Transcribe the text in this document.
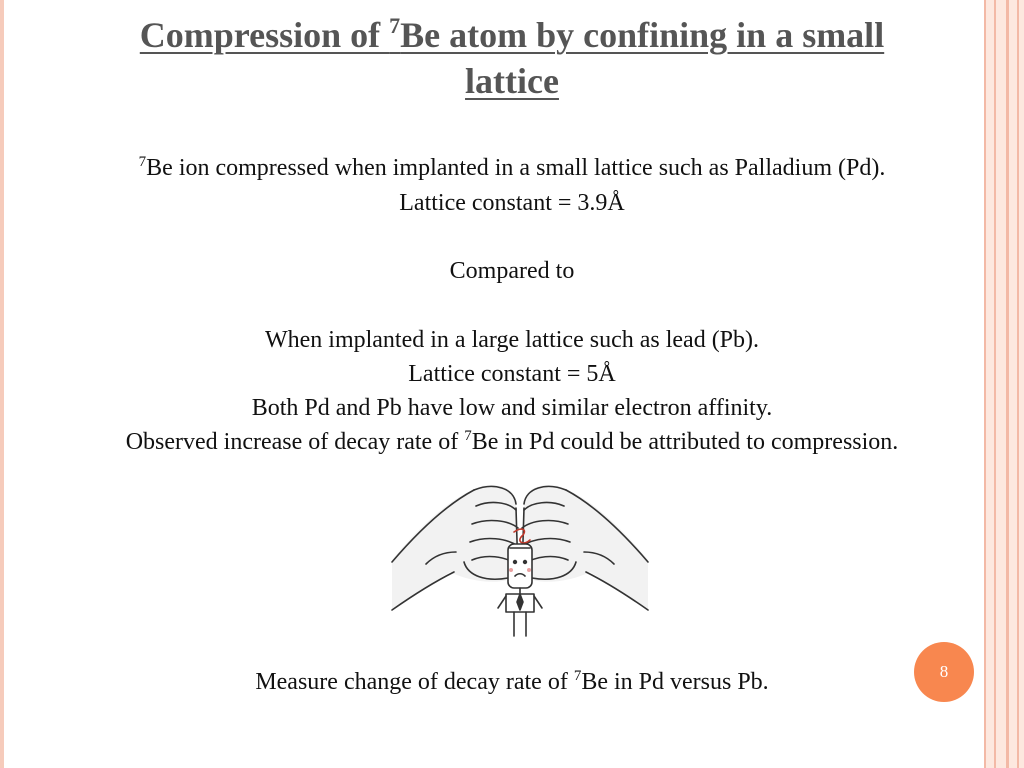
Compression of $^7$Be atom by confining in a small
lattice
$^7$Be ion compressed when implanted in a small lattice such as Palladium (Pd).
Lattice constant = 3.9Å
Compared to
When implanted in a large lattice such as lead (Pb).
Lattice constant = 5Å
Both Pd and Pb have low and similar electron affinity.
Observed increase of decay rate of $^7$Be in Pd could be attributed to compression.
Measure change of decay rate of $^7$Be in Pd versus Pb.	8
